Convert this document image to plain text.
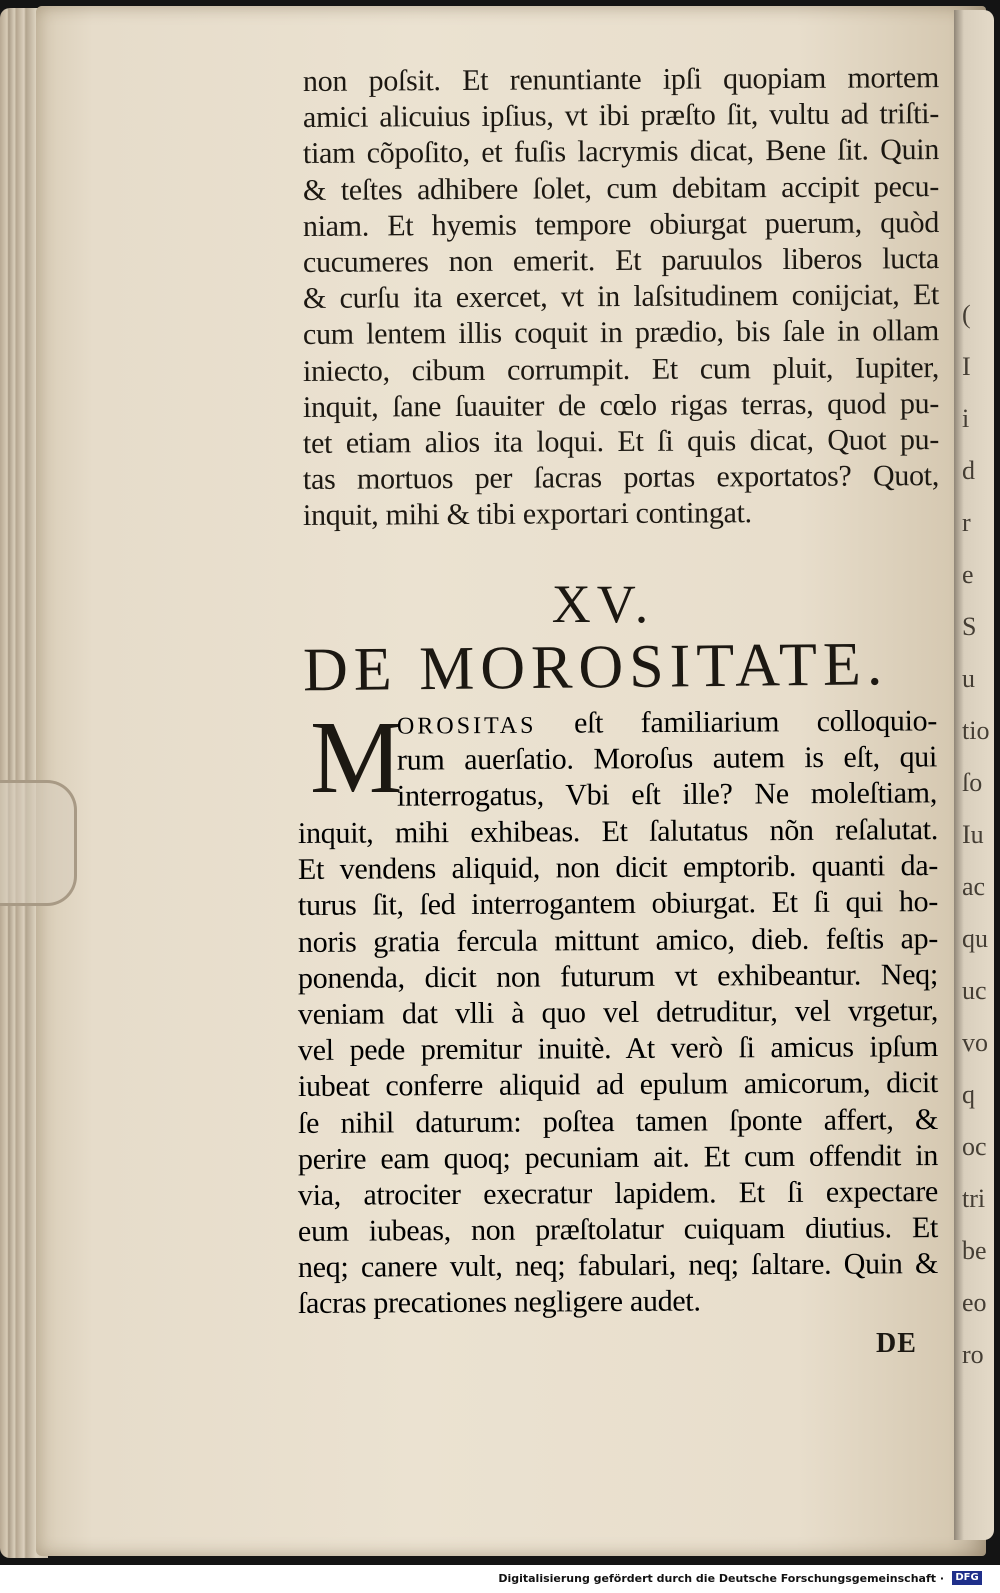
(
I
i
d
r
e
S
u
tio
ſo
Iu
ac
qu
uc
vo
q
oc
tri
be
eo
ro
non poſsit. Et renuntiante ipſi quopiam mortem
amici alicuius ipſius, vt ibi præſto ſit, vultu ad triſti-
tiam cõpoſito, et fuſis lacrymis dicat, Bene ſit. Quin
& teſtes adhibere ſolet, cum debitam accipit pecu-
niam. Et hyemis tempore obiurgat puerum, quòd
cucumeres non emerit. Et paruulos liberos lucta
& curſu ita exercet, vt in laſsitudinem conijciat, Et
cum lentem illis coquit in prædio, bis ſale in ollam
iniecto, cibum corrumpit. Et cum pluit, Iupiter,
inquit, ſane ſuauiter de cœlo rigas terras, quod pu-
tet etiam alios ita loqui. Et ſi quis dicat, Quot pu-
tas mortuos per ſacras portas exportatos? Quot,
inquit, mihi & tibi exportari contingat.
XV.
DE MOROSITATE.
M
OROSITAS eſt familiarium colloquio-
rum auerſatio. Moroſus autem is eſt, qui
interrogatus, Vbi eſt ille? Ne moleſtiam,
inquit, mihi exhibeas. Et ſalutatus nõn reſalutat.
Et vendens aliquid, non dicit emptorib. quanti da-
turus ſit, ſed interrogantem obiurgat. Et ſi qui ho-
noris gratia fercula mittunt amico, dieb. feſtis ap-
ponenda, dicit non futurum vt exhibeantur. Neq;
veniam dat vlli à quo vel detruditur, vel vrgetur,
vel pede premitur inuitè. At verò ſi amicus ipſum
iubeat conferre aliquid ad epulum amicorum, dicit
ſe nihil daturum: poſtea tamen ſponte affert, &
perire eam quoq; pecuniam ait. Et cum offendit in
via, atrociter execratur lapidem. Et ſi expectare
eum iubeas, non præſtolatur cuiquam diutius. Et
neq; canere vult, neq; fabulari, neq; ſaltare. Quin &
ſacras precationes negligere audet.
DE
Digitalisierung gefördert durch die Deutsche Forschungsgemeinschaft ·	DFG
